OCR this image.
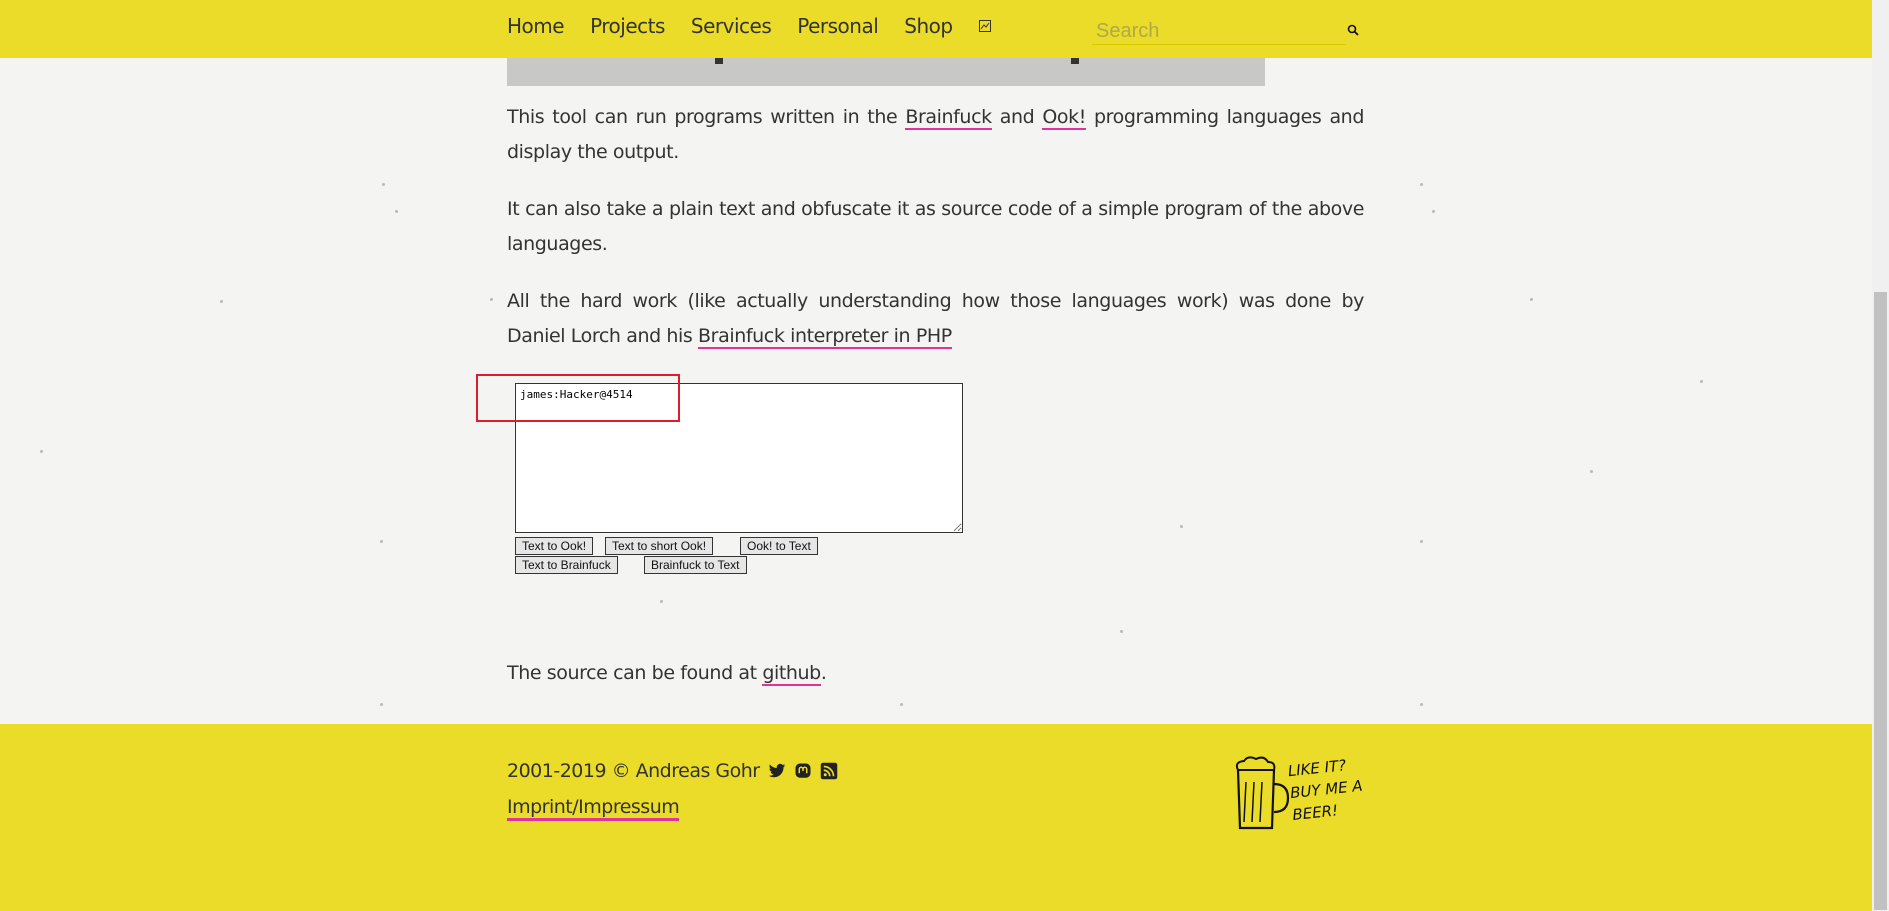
Home Projects Services Personal Shop
Search

This tool can run programs written in the Brainfuck and Ook! programming languages and display the output.

It can also take a plain text and obfuscate it as source code of a simple program of the above languages.

All the hard work (like actually understanding how those languages work) was done by Daniel Lorch and his Brainfuck interpreter in PHP

james:Hacker@4514
Text to Ook!	Text to short Ook!	Ook! to Text
Text to Brainfuck	Brainfuck to Text

The source can be found at github.

2001-2019 © Andreas Gohr
Imprint/Impressum
LIKE IT? BUY ME A BEER!
